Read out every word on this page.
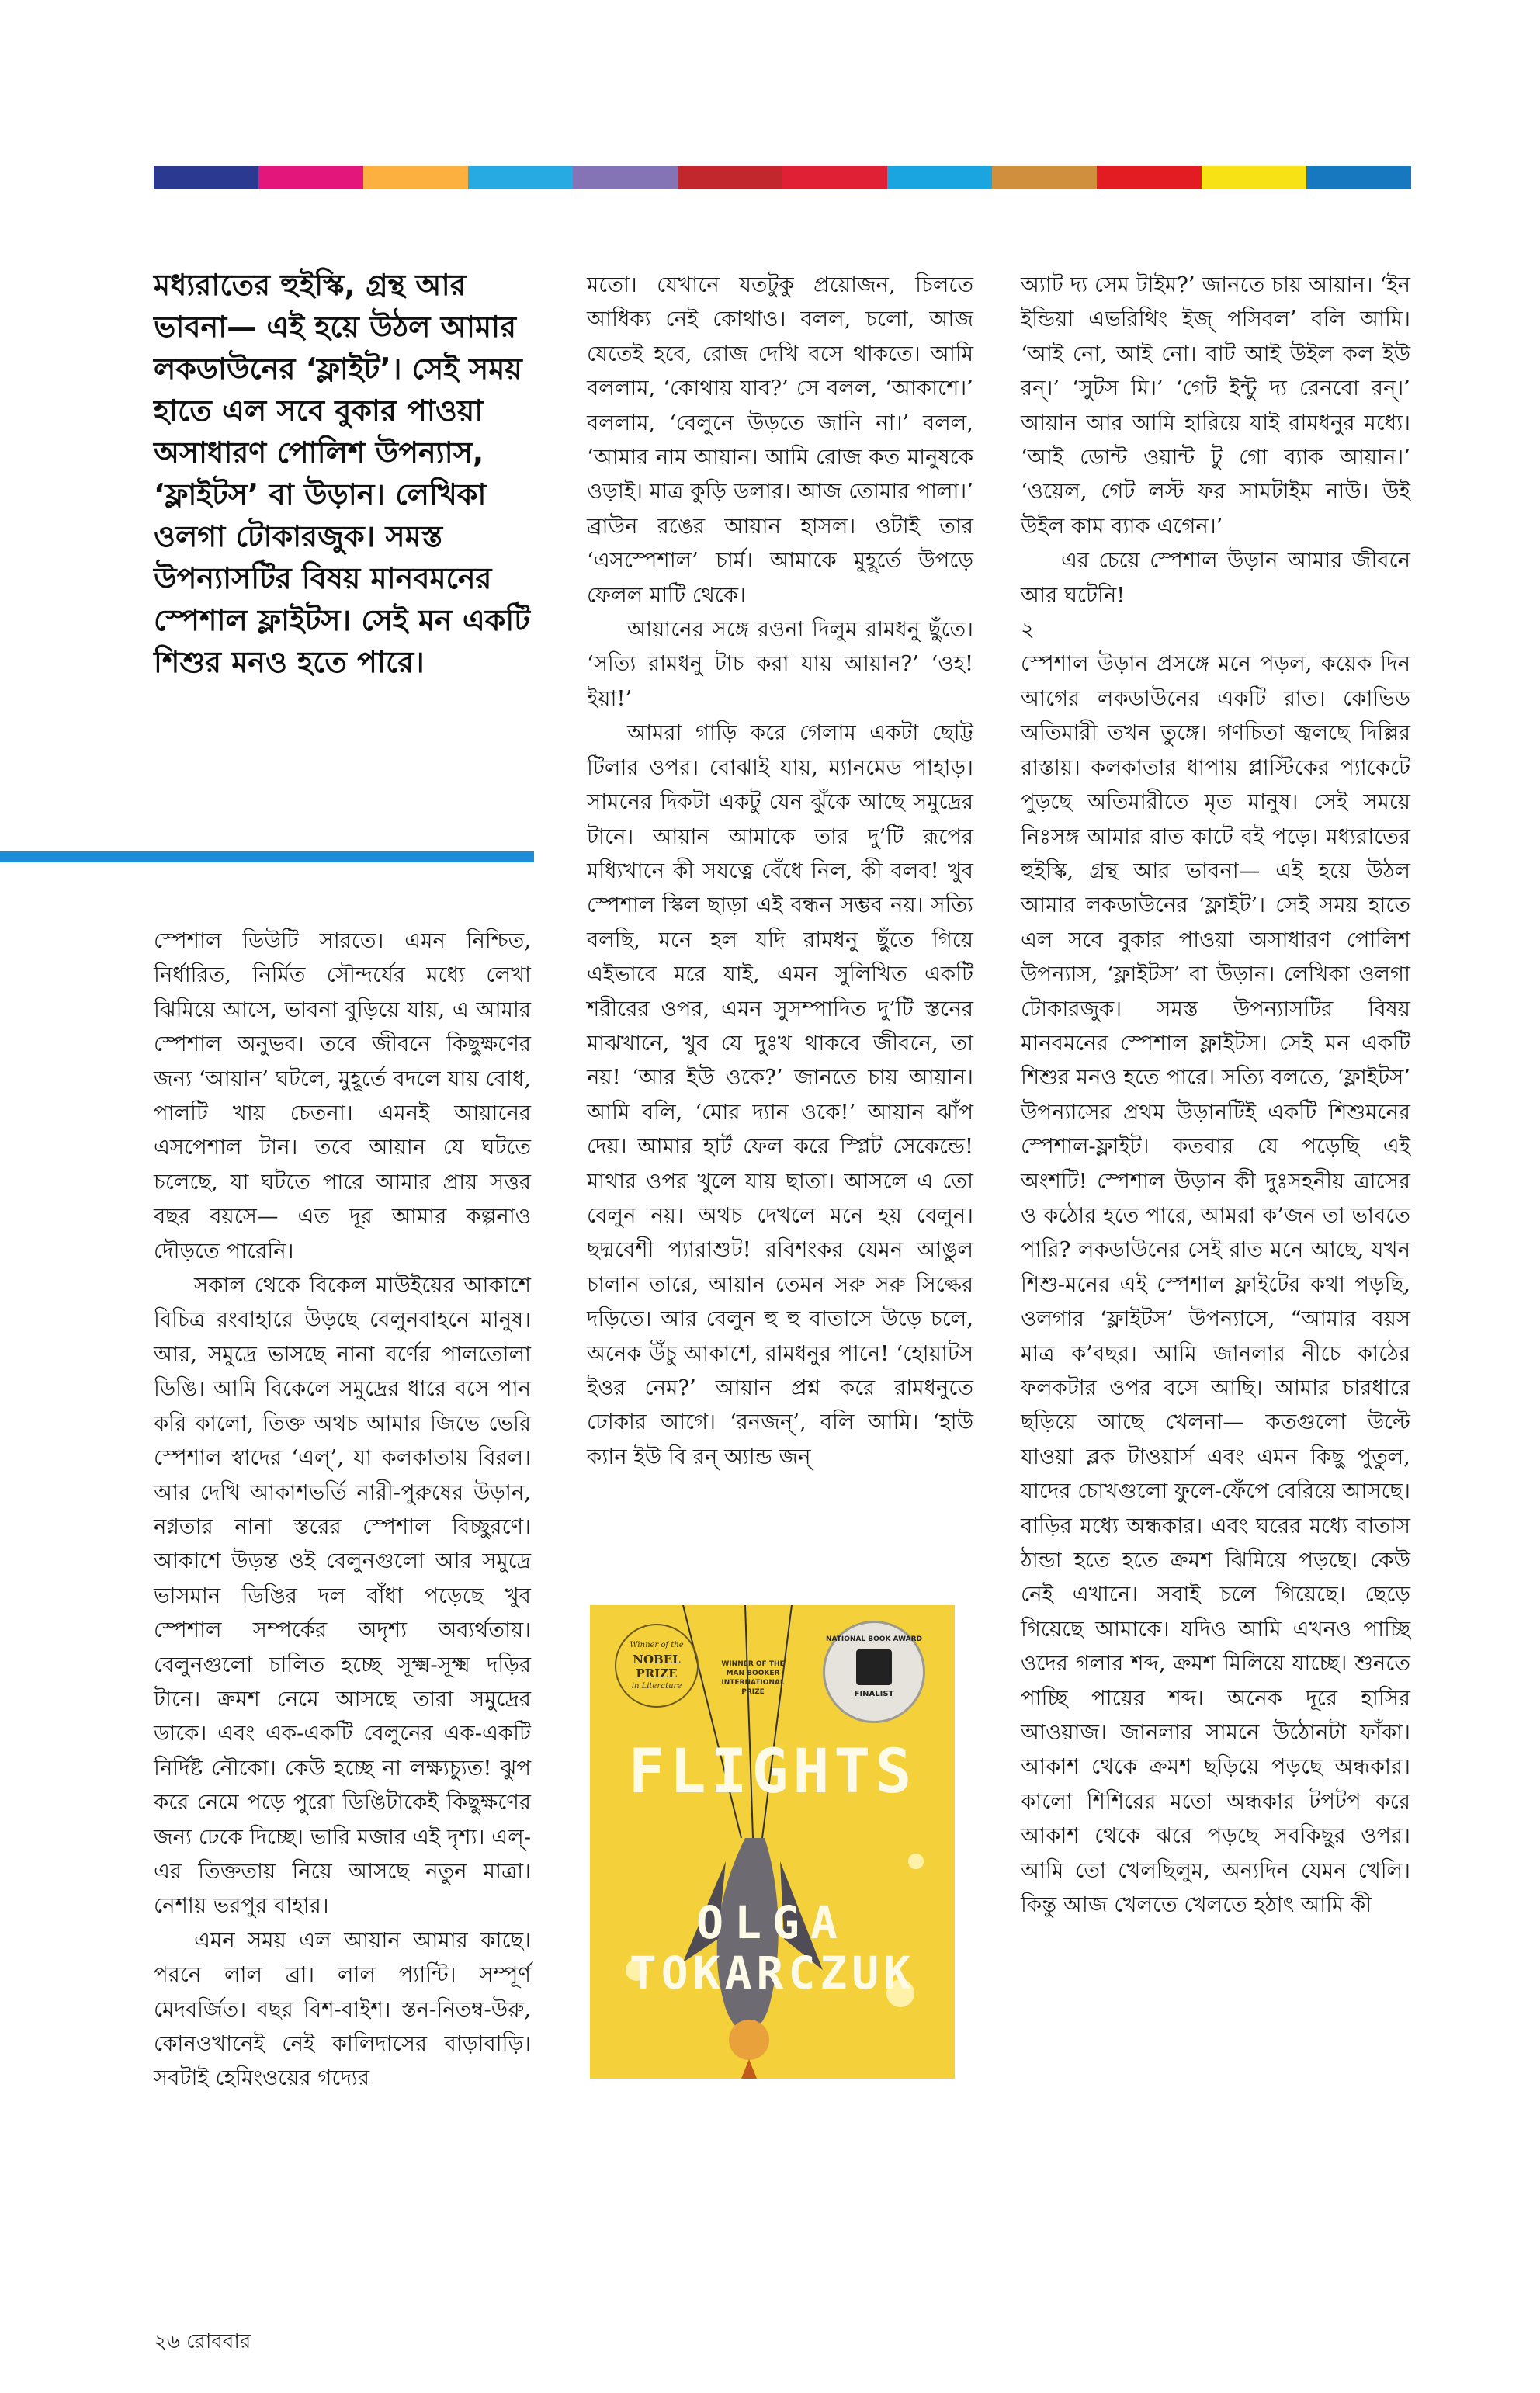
মধ্যরাতের হুইস্কি, গ্রন্থ আর ভাবনা— এই হয়ে উঠল আমার লকডাউনের ‘ফ্লাইট’। সেই সময় হাতে এল সবে বুকার পাওয়া অসাধারণ পোলিশ উপন্যাস, ‘ফ্লাইটস’ বা উড়ান। লেখিকা ওলগা টোকারজুক। সমস্ত উপন্যাসটির বিষয় মানবমনের স্পেশাল ফ্লাইটস। সেই মন একটি শিশুর মনও হতে পারে।

স্পেশাল ডিউটি সারতে। এমন নিশ্চিত, নির্ধারিত, নির্মিত সৌন্দর্যের মধ্যে লেখা ঝিমিয়ে আসে, ভাবনা বুড়িয়ে যায়, এ আমার স্পেশাল অনুভব। তবে জীবনে কিছুক্ষণের জন্য ‘আয়ান’ ঘটলে, মুহূর্তে বদলে যায় বোধ, পালটি খায় চেতনা। এমনই আয়ানের এসপেশাল টান। তবে আয়ান যে ঘটতে চলেছে, যা ঘটতে পারে আমার প্রায় সত্তর বছর বয়সে— এত দূর আমার কল্পনাও দৌড়তে পারেনি।

সকাল থেকে বিকেল মাউইয়ের আকাশে বিচিত্র রংবাহারে উড়ছে বেলুনবাহনে মানুষ। আর, সমুদ্রে ভাসছে নানা বর্ণের পালতোলা ডিঙি। আমি বিকেলে সমুদ্রের ধারে বসে পান করি কালো, তিক্ত অথচ আমার জিভে ভেরি স্পেশাল স্বাদের ‘এল্’, যা কলকাতায় বিরল। আর দেখি আকাশভর্তি নারী-পুরুষের উড়ান, নগ্নতার নানা স্তরের স্পেশাল বিচ্ছুরণে। আকাশে উড়ন্ত ওই বেলুনগুলো আর সমুদ্রে ভাসমান ডিঙির দল বাঁধা পড়েছে খুব স্পেশাল সম্পর্কের অদৃশ্য অব্যর্থতায়। বেলুনগুলো চালিত হচ্ছে সূক্ষ্ম-সূক্ষ্ম দড়ির টানে। ক্রমশ নেমে আসছে তারা সমুদ্রের ডাকে। এবং এক-একটি বেলুনের এক-একটি নির্দিষ্ট নৌকো। কেউ হচ্ছে না লক্ষ্যচ্যুত! ঝুপ করে নেমে পড়ে পুরো ডিঙিটাকেই কিছুক্ষণের জন্য ঢেকে দিচ্ছে। ভারি মজার এই দৃশ্য। এল্-এর তিক্ততায় নিয়ে আসছে নতুন মাত্রা। নেশায় ভরপুর বাহার।

এমন সময় এল আয়ান আমার কাছে। পরনে লাল ব্রা। লাল প্যান্টি। সম্পূর্ণ মেদবর্জিত। বছর বিশ-বাইশ। স্তন-নিতম্ব-উরু, কোনওখানেই নেই কালিদাসের বাড়াবাড়ি। সবটাই হেমিংওয়ের গদ্যের

মতো। যেখানে যতটুকু প্রয়োজন, চিলতে আধিক্য নেই কোথাও। বলল, চলো, আজ যেতেই হবে, রোজ দেখি বসে থাকতে। আমি বললাম, ‘কোথায় যাব?’ সে বলল, ‘আকাশে।’ বললাম, ‘বেলুনে উড়তে জানি না।’ বলল, ‘আমার নাম আয়ান। আমি রোজ কত মানুষকে ওড়াই। মাত্র কুড়ি ডলার। আজ তোমার পালা।’ ব্রাউন রঙের আয়ান হাসল। ওটাই তার ‘এসস্পেশাল’ চার্ম। আমাকে মুহূর্তে উপড়ে ফেলল মাটি থেকে।

আয়ানের সঙ্গে রওনা দিলুম রামধনু ছুঁতে। ‘সত্যি রামধনু টাচ করা যায় আয়ান?’ ‘ওহ! ইয়া!’

আমরা গাড়ি করে গেলাম একটা ছোট্ট টিলার ওপর। বোঝাই যায়, ম্যানমেড পাহাড়। সামনের দিকটা একটু যেন ঝুঁকে আছে সমুদ্রের টানে। আয়ান আমাকে তার দু’টি রূপের মধ্যিখানে কী সযত্নে বেঁধে নিল, কী বলব! খুব স্পেশাল স্কিল ছাড়া এই বন্ধন সম্ভব নয়। সত্যি বলছি, মনে হল যদি রামধনু ছুঁতে গিয়ে এইভাবে মরে যাই, এমন সুলিখিত একটি শরীরের ওপর, এমন সুসম্পাদিত দু’টি স্তনের মাঝখানে, খুব যে দুঃখ থাকবে জীবনে, তা নয়! ‘আর ইউ ওকে?’ জানতে চায় আয়ান। আমি বলি, ‘মোর দ্যান ওকে!’ আয়ান ঝাঁপ দেয়। আমার হার্ট ফেল করে স্প্লিট সেকেন্ডে! মাথার ওপর খুলে যায় ছাতা। আসলে এ তো বেলুন নয়। অথচ দেখলে মনে হয় বেলুন। ছদ্মবেশী প্যারাশুট! রবিশংকর যেমন আঙুল চালান তারে, আয়ান তেমন সরু সরু সিল্কের দড়িতে। আর বেলুন হু হু বাতাসে উড়ে চলে, অনেক উঁচু আকাশে, রামধনুর পানে! ‘হোয়াটস ইওর নেম?’ আয়ান প্রশ্ন করে রামধনুতে ঢোকার আগে। ‘রনজন্’, বলি আমি। ‘হাউ ক্যান ইউ বি রন্ অ্যান্ড জন্

Winner of the
NOBEL PRIZE
in Literature
WINNER OF THE
MAN BOOKER
INTERNATIONAL
PRIZE
NATIONAL BOOK AWARD
FINALIST
FLIGHTS
OLGA
TOKARCZUK

অ্যাট দ্য সেম টাইম?’ জানতে চায় আয়ান। ‘ইন ইন্ডিয়া এভরিথিং ইজ্ পসিবল’ বলি আমি। ‘আই নো, আই নো। বাট আই উইল কল ইউ রন্।’ ‘সুটস মি।’ ‘গেট ইন্টু দ্য রেনবো রন্।’ আয়ান আর আমি হারিয়ে যাই রামধনুর মধ্যে। ‘আই ডোন্ট ওয়ান্ট টু গো ব্যাক আয়ান।’ ‘ওয়েল, গেট লস্ট ফর সামটাইম নাউ। উই উইল কাম ব্যাক এগেন।’

এর চেয়ে স্পেশাল উড়ান আমার জীবনে আর ঘটেনি!

২

স্পেশাল উড়ান প্রসঙ্গে মনে পড়ল, কয়েক দিন আগের লকডাউনের একটি রাত। কোভিড অতিমারী তখন তুঙ্গে। গণচিতা জ্বলছে দিল্লির রাস্তায়। কলকাতার ধাপায় প্লাস্টিকের প্যাকেটে পুড়ছে অতিমারীতে মৃত মানুষ। সেই সময়ে নিঃসঙ্গ আমার রাত কাটে বই পড়ে। মধ্যরাতের হুইস্কি, গ্রন্থ আর ভাবনা— এই হয়ে উঠল আমার লকডাউনের ‘ফ্লাইট’। সেই সময় হাতে এল সবে বুকার পাওয়া অসাধারণ পোলিশ উপন্যাস, ‘ফ্লাইটস’ বা উড়ান। লেখিকা ওলগা টোকারজুক। সমস্ত উপন্যাসটির বিষয় মানবমনের স্পেশাল ফ্লাইটস। সেই মন একটি শিশুর মনও হতে পারে। সত্যি বলতে, ‘ফ্লাইটস’ উপন্যাসের প্রথম উড়ানটিই একটি শিশুমনের স্পেশাল-ফ্লাইট। কতবার যে পড়েছি এই অংশটি! স্পেশাল উড়ান কী দুঃসহনীয় ত্রাসের ও কঠোর হতে পারে, আমরা ক’জন তা ভাবতে পারি? লকডাউনের সেই রাত মনে আছে, যখন শিশু-মনের এই স্পেশাল ফ্লাইটের কথা পড়ছি, ওলগার ‘ফ্লাইটস’ উপন্যাসে, “আমার বয়স মাত্র ক’বছর। আমি জানলার নীচে কাঠের ফলকটার ওপর বসে আছি। আমার চারধারে ছড়িয়ে আছে খেলনা— কতগুলো উল্টে যাওয়া ব্লক টাওয়ার্স এবং এমন কিছু পুতুল, যাদের চোখগুলো ফুলে-ফেঁপে বেরিয়ে আসছে। বাড়ির মধ্যে অন্ধকার। এবং ঘরের মধ্যে বাতাস ঠান্ডা হতে হতে ক্রমশ ঝিমিয়ে পড়ছে। কেউ নেই এখানে। সবাই চলে গিয়েছে। ছেড়ে গিয়েছে আমাকে। যদিও আমি এখনও পাচ্ছি ওদের গলার শব্দ, ক্রমশ মিলিয়ে যাচ্ছে। শুনতে পাচ্ছি পায়ের শব্দ। অনেক দূরে হাসির আওয়াজ। জানলার সামনে উঠোনটা ফাঁকা। আকাশ থেকে ক্রমশ ছড়িয়ে পড়ছে অন্ধকার। কালো শিশিরের মতো অন্ধকার টপটপ করে আকাশ থেকে ঝরে পড়ছে সবকিছুর ওপর। আমি তো খেলছিলুম, অন্যদিন যেমন খেলি। কিন্তু আজ খেলতে খেলতে হঠাৎ আমি কী

২৬ রোববার
